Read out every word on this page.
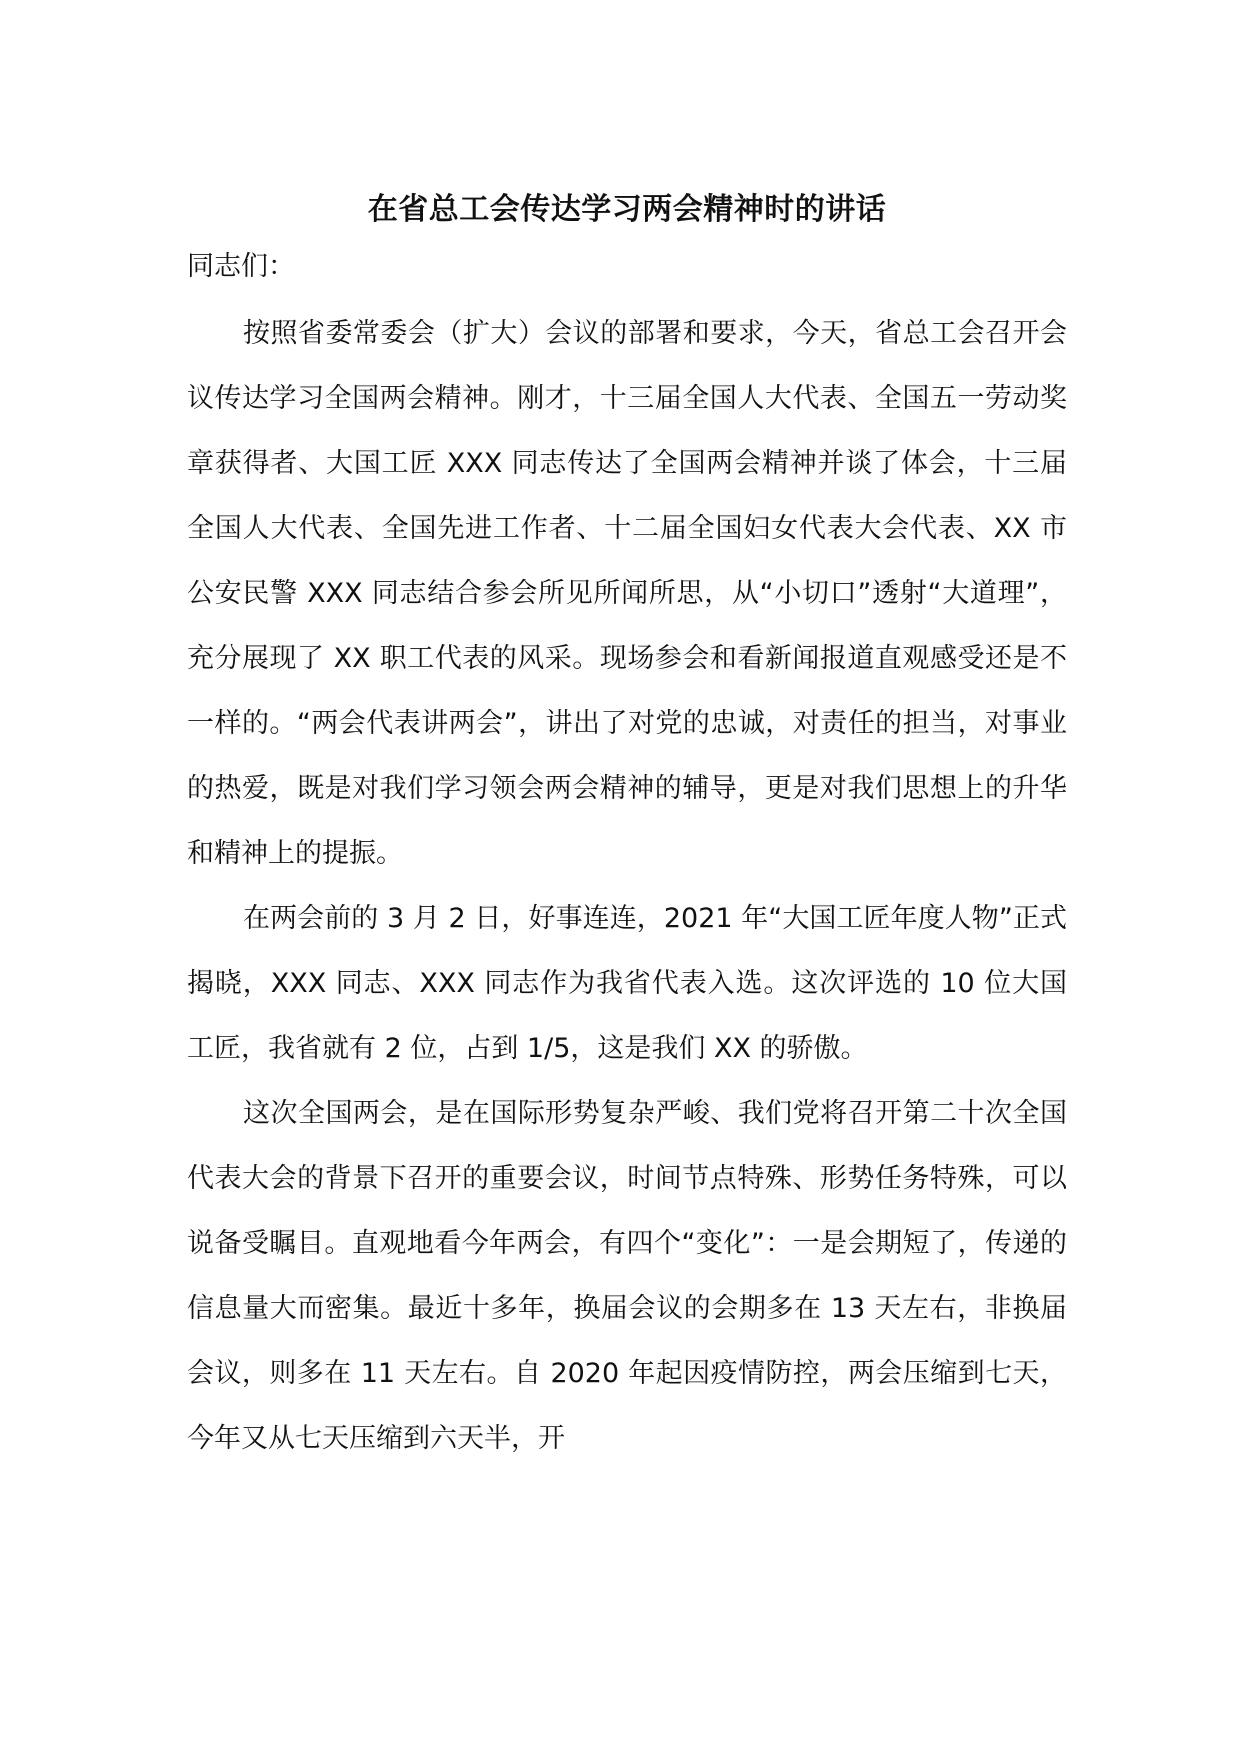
在省总工会传达学习两会精神时的讲话

同志们：

按照省委常委会（扩大）会议的部署和要求，今天，省总工会召开会议传达学习全国两会精神。刚才，十三届全国人大代表、全国五一劳动奖章获得者、大国工匠 XXX 同志传达了全国两会精神并谈了体会，十三届全国人大代表、全国先进工作者、十二届全国妇女代表大会代表、XX 市公安民警 XXX 同志结合参会所见所闻所思，从“小切口”透射“大道理”，充分展现了 XX 职工代表的风采。现场参会和看新闻报道直观感受还是不一样的。“两会代表讲两会”，讲出了对党的忠诚，对责任的担当，对事业的热爱，既是对我们学习领会两会精神的辅导，更是对我们思想上的升华和精神上的提振。

在两会前的 3 月 2 日，好事连连，2021 年“大国工匠年度人物”正式揭晓，XXX 同志、XXX 同志作为我省代表入选。这次评选的 10 位大国工匠，我省就有 2 位，占到 1/5，这是我们 XX 的骄傲。

这次全国两会，是在国际形势复杂严峻、我们党将召开第二十次全国代表大会的背景下召开的重要会议，时间节点特殊、形势任务特殊，可以说备受瞩目。直观地看今年两会，有四个“变化”：一是会期短了，传递的信息量大而密集。最近十多年，换届会议的会期多在 13 天左右，非换届会议，则多在 11 天左右。自 2020 年起因疫情防控，两会压缩到七天，今年又从七天压缩到六天半，开
